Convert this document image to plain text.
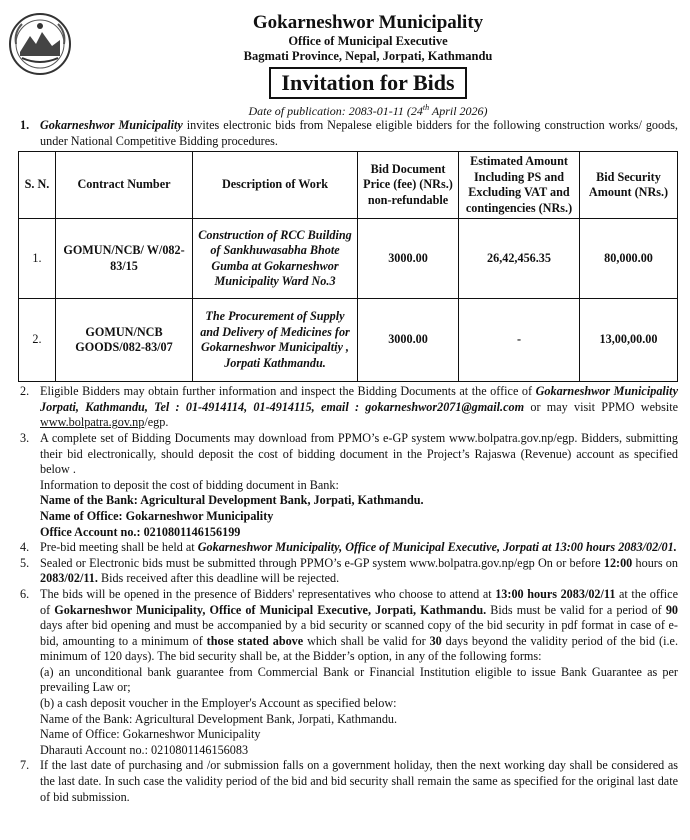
Gokarneshwor Municipality
Office of Municipal Executive
Bagmati Province, Nepal, Jorpati, Kathmandu
Invitation for Bids
Date of publication: 2083-01-11 (24th April 2026)
1. Gokarneshwor Municipality invites electronic bids from Nepalese eligible bidders for the following construction works/ goods, under National Competitive Bidding procedures.
S. N.	Contract Number	Description of Work	Bid Document Price (fee) (NRs.) non-refundable	Estimated Amount Including PS and Excluding VAT and contingencies (NRs.)	Bid Security Amount (NRs.)
1.	GOMUN/NCB/ W/082-83/15	Construction of RCC Building of Sankhuwasabha Bhote Gumba at Gokarneshwor Municipality Ward No.3	3000.00	26,42,456.35	80,000.00
2.	GOMUN/NCB GOODS/082-83/07	The Procurement of Supply and Delivery of Medicines for Gokarneshwor Municipaltiy , Jorpati Kathmandu.	3000.00	-	13,00,00.00
2. Eligible Bidders may obtain further information and inspect the Bidding Documents at the office of Gokarneshwor Municipality Jorpati, Kathmandu, Tel : 01-4914114, 01-4914115, email : gokarneshwor2071@gmail.com or may visit PPMO website www.bolpatra.gov.np/egp.
3. A complete set of Bidding Documents may download from PPMO’s e-GP system www.bolpatra.gov.np/egp. Bidders, submitting their bid electronically, should deposit the cost of bidding document in the Project’s Rajaswa (Revenue) account as specified below .
Information to deposit the cost of bidding document in Bank:
Name of the Bank: Agricultural Development Bank, Jorpati, Kathmandu.
Name of Office: Gokarneshwor Municipality
Office Account no.: 0210801146156199
4. Pre-bid meeting shall be held at Gokarneshwor Municipality, Office of Municipal Executive, Jorpati at 13:00 hours 2083/02/01.
5. Sealed or Electronic bids must be submitted through PPMO’s e-GP system www.bolpatra.gov.np/egp On or before 12:00 hours on 2083/02/11. Bids received after this deadline will be rejected.
6. The bids will be opened in the presence of Bidders' representatives who choose to attend at 13:00 hours 2083/02/11 at the office of Gokarneshwor Municipality, Office of Municipal Executive, Jorpati, Kathmandu. Bids must be valid for a period of 90 days after bid opening and must be accompanied by a bid security or scanned copy of the bid security in pdf format in case of e-bid, amounting to a minimum of those stated above which shall be valid for 30 days beyond the validity period of the bid (i.e. minimum of 120 days). The bid security shall be, at the Bidder’s option, in any of the following forms:
(a) an unconditional bank guarantee from Commercial Bank or Financial Institution eligible to issue Bank Guarantee as per prevailing Law or;
(b) a cash deposit voucher in the Employer's Account as specified below:
Name of the Bank: Agricultural Development Bank, Jorpati, Kathmandu.
Name of Office: Gokarneshwor Municipality
Dharauti Account no.: 0210801146156083
7. If the last date of purchasing and /or submission falls on a government holiday, then the next working day shall be considered as the last date. In such case the validity period of the bid and bid security shall remain the same as specified for the original last date of bid submission.
